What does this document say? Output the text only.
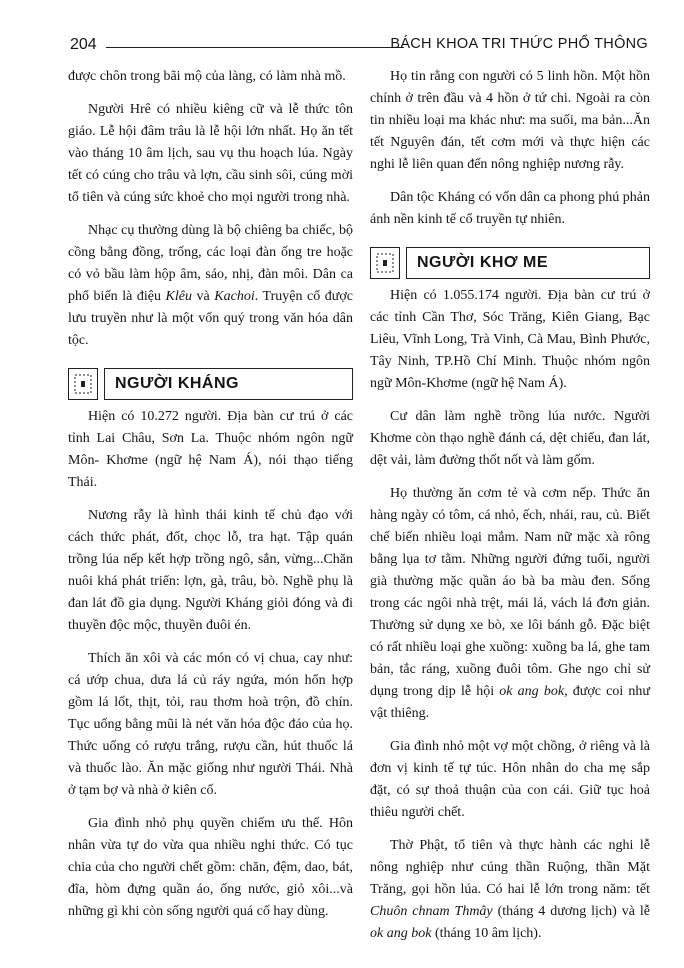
204	BÁCH KHOA TRI THỨC PHỔ THÔNG

được chôn trong bãi mộ của làng, có làm nhà mồ.

Người Hrê có nhiều kiêng cữ và lễ thức tôn giáo. Lễ hội đâm trâu là lễ hội lớn nhất. Họ ăn tết vào tháng 10 âm lịch, sau vụ thu hoạch lúa. Ngày tết có cúng cho trâu và lợn, cầu sinh sôi, cúng mời tổ tiên và cúng sức khoẻ cho mọi người trong nhà.

Nhạc cụ thường dùng là bộ chiêng ba chiếc, bộ cồng bằng đồng, trống, các loại đàn ống tre hoặc có vỏ bầu làm hộp âm, sáo, nhị, đàn môi. Dân ca phổ biến là điệu Klêu và Kachoi. Truyện cổ được lưu truyền như là một vốn quý trong văn hóa dân tộc.

NGƯỜI KHÁNG

Hiện có 10.272 người. Địa bàn cư trú ở các tỉnh Lai Châu, Sơn La. Thuộc nhóm ngôn ngữ Môn- Khơme (ngữ hệ Nam Á), nói thạo tiếng Thái.

Nương rẫy là hình thái kinh tế chủ đạo với cách thức phát, đốt, chọc lỗ, tra hạt. Tập quán trồng lúa nếp kết hợp trồng ngô, sắn, vừng...Chăn nuôi khá phát triển: lợn, gà, trâu, bò. Nghề phụ là đan lát đồ gia dụng. Người Kháng giỏi đóng và đi thuyền độc mộc, thuyền đuôi én.

Thích ăn xôi và các món có vị chua, cay như: cá ướp chua, dưa lá củ ráy ngứa, món hổn hợp gồm lá lốt, thịt, tỏi, rau thơm hoà trộn, đồ chín. Tục uống bằng mũi là nét văn hóa độc đáo của họ. Thức uống có rượu trắng, rượu cần, hút thuốc lá và thuốc lào. Ăn mặc giống như người Thái. Nhà ở tạm bợ và nhà ở kiên cố.

Gia đình nhỏ phụ quyền chiếm ưu thế. Hôn nhân vừa tự do vừa qua nhiều nghi thức. Có tục chia của cho người chết gồm: chăn, đệm, dao, bát, đĩa, hòm đựng quần áo, ống nước, giỏ xôi...và những gì khi còn sống người quá cố hay dùng.

Họ tin rằng con người có 5 linh hồn. Một hồn chính ở trên đầu và 4 hồn ở tứ chi. Ngoài ra còn tin nhiều loại ma khác như: ma suối, ma bản...Ăn tết Nguyên đán, tết cơm mới và thực hiện các nghi lễ liên quan đến nông nghiệp nương rẫy.

Dân tộc Kháng có vốn dân ca phong phú phản ánh nền kinh tế cổ truyền tự nhiên.

NGƯỜI KHƠ ME

Hiện có 1.055.174 người. Địa bàn cư trú ở các tỉnh Cần Thơ, Sóc Trăng, Kiên Giang, Bạc Liêu, Vĩnh Long, Trà Vinh, Cà Mau, Bình Phước, Tây Ninh, TP.Hồ Chí Minh. Thuộc nhóm ngôn ngữ Môn-Khơme (ngữ hệ Nam Á).

Cư dân làm nghề trồng lúa nước. Người Khơme còn thạo nghề đánh cá, dệt chiếu, đan lát, dệt vải, làm đường thốt nốt và làm gốm.

Họ thường ăn cơm tẻ và cơm nếp. Thức ăn hàng ngày có tôm, cá nhỏ, ếch, nhái, rau, củ. Biết chế biến nhiều loại mắm. Nam nữ mặc xà rông bằng lụa tơ tằm. Những người đứng tuổi, người già thường mặc quần áo bà ba màu đen. Sống trong các ngôi nhà trệt, mái lá, vách lá đơn giản. Thường sử dụng xe bò, xe lôi bánh gỗ. Đặc biệt có rất nhiều loại ghe xuồng: xuồng ba lá, ghe tam bản, tắc ráng, xuồng đuôi tôm. Ghe ngo chỉ sử dụng trong dịp lễ hội ok ang bok, được coi như vật thiêng.

Gia đình nhỏ một vợ một chồng, ở riêng và là đơn vị kinh tế tự túc. Hôn nhân do cha mẹ sắp đặt, có sự thoả thuận của con cái. Giữ tục hoả thiêu người chết.

Thờ Phật, tổ tiên và thực hành các nghi lễ nông nghiệp như cúng thần Ruộng, thần Mặt Trăng, gọi hồn lúa. Có hai lễ lớn trong năm: tết Chuôn chnam Thmây (tháng 4 dương lịch) và lễ ok ang bok (tháng 10 âm lịch).
